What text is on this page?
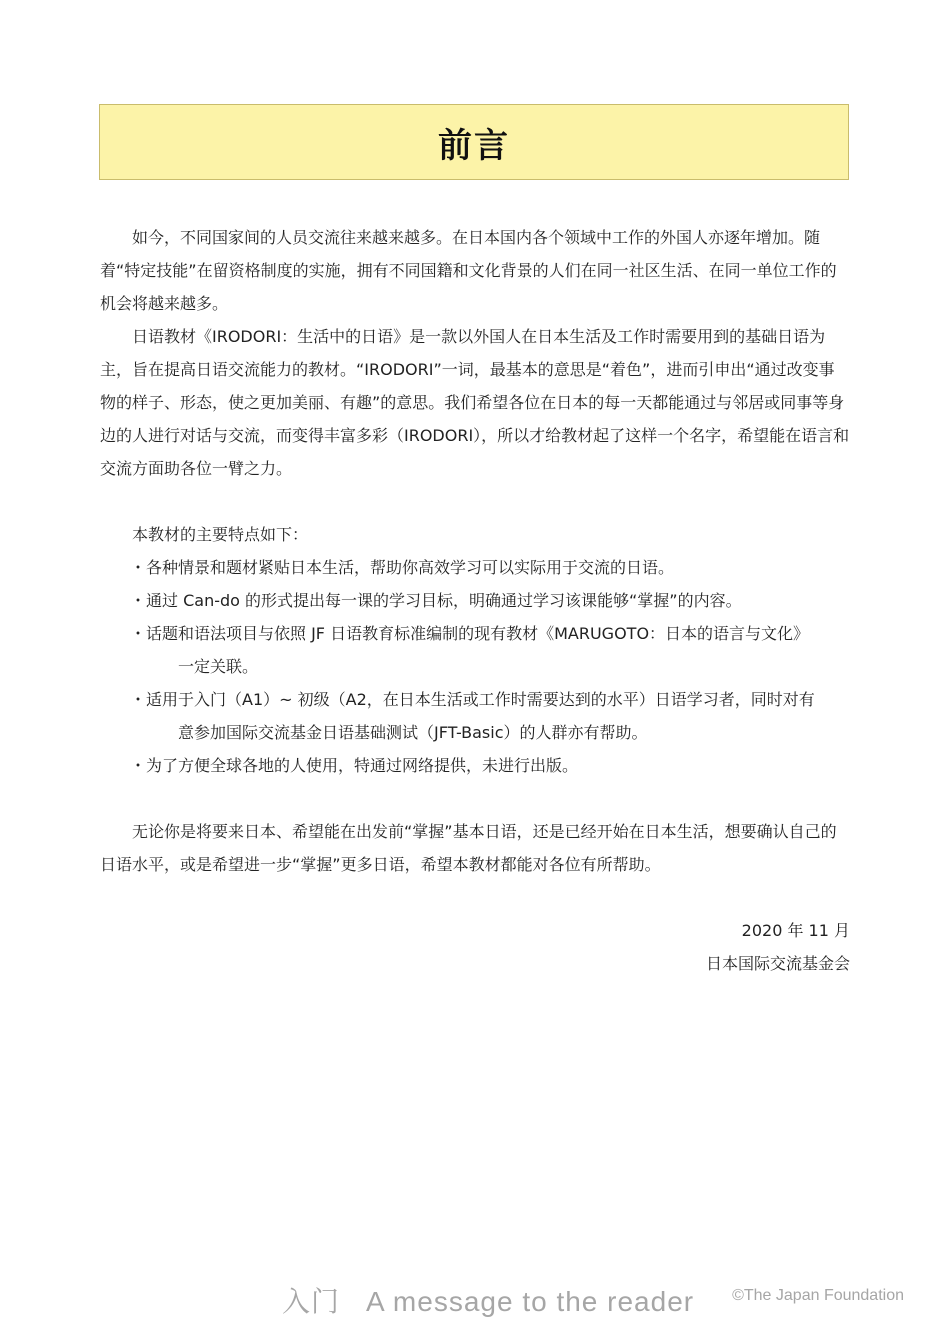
前言

如今，不同国家间的人员交流往来越来越多。在日本国内各个领域中工作的外国人亦逐年增加。随着“特定技能”在留资格制度的实施，拥有不同国籍和文化背景的人们在同一社区生活、在同一单位工作的机会将越来越多。

日语教材《IRODORI：生活中的日语》是一款以外国人在日本生活及工作时需要用到的基础日语为主，旨在提高日语交流能力的教材。“IRODORI”一词，最基本的意思是“着色”，进而引申出“通过改变事物的样子、形态，使之更加美丽、有趣”的意思。我们希望各位在日本的每一天都能通过与邻居或同事等身边的人进行对话与交流，而变得丰富多彩（IRODORI），所以才给教材起了这样一个名字，希望能在语言和交流方面助各位一臂之力。

本教材的主要特点如下：

・各种情景和题材紧贴日本生活，帮助你高效学习可以实际用于交流的日语。
・通过 Can-do 的形式提出每一课的学习目标，明确通过学习该课能够“掌握”的内容。
・话题和语法项目与依照 JF 日语教育标准编制的现有教材《MARUGOTO：日本的语言与文化》
一定关联。
・适用于入门（A1）~ 初级（A2，在日本生活或工作时需要达到的水平）日语学习者，同时对有
意参加国际交流基金日语基础测试（JFT-Basic）的人群亦有帮助。
・为了方便全球各地的人使用，特通过网络提供，未进行出版。

无论你是将要来日本、希望能在出发前“掌握”基本日语，还是已经开始在日本生活，想要确认自己的日语水平，或是希望进一步“掌握”更多日语，希望本教材都能对各位有所帮助。

2020 年 11 月

日本国际交流基金会

入门 A message to the reader ©The Japan Foundation
